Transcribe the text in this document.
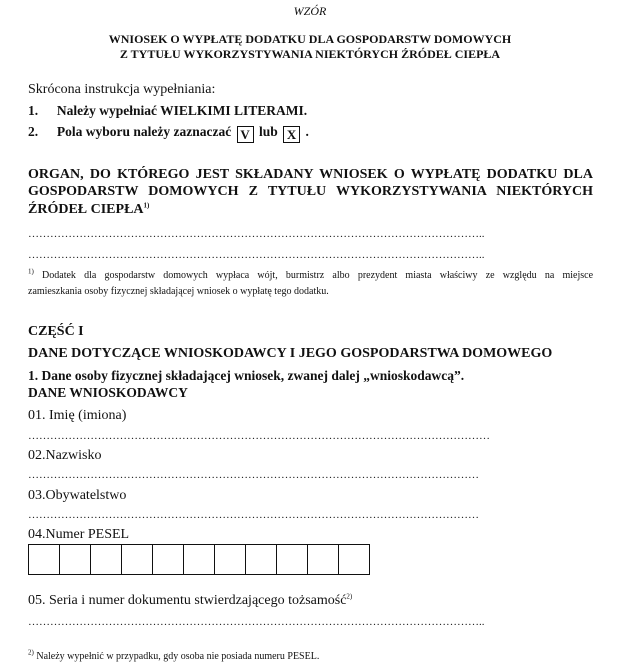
WZÓR
WNIOSEK O WYPŁATĘ DODATKU DLA GOSPODARSTW DOMOWYCH
Z TYTUŁU WYKORZYSTYWANIA NIEKTÓRYCH ŹRÓDEŁ CIEPŁA
Skrócona instrukcja wypełniania:
1. Należy wypełniać WIELKIMI LITERAMI.
2. Pola wyboru należy zaznaczać V lub X .
ORGAN, DO KTÓREGO JEST SKŁADANY WNIOSEK O WYPŁATĘ DODATKU DLA
GOSPODARSTW DOMOWYCH Z TYTUŁU WYKORZYSTYWANIA NIEKTÓRYCH
ŹRÓDEŁ CIEPŁA$^{1)}$
……………………………………………………………………………………………………………..
……………………………………………………………………………………………………………..
$^{1)}$ Dodatek dla gospodarstw domowych wypłaca wójt, burmistrz albo prezydent miasta właściwy ze względu na miejsce
zamieszkania osoby fizycznej składającej wniosek o wypłatę tego dodatku.
CZĘŚĆ I
DANE DOTYCZĄCE WNIOSKODAWCY I JEGO GOSPODARSTWA DOMOWEGO
1. Dane osoby fizycznej składającej wniosek, zwanej dalej „wnioskodawcą”.
DANE WNIOSKODAWCY
01. Imię (imiona)
………………………………………………………………………………………………………………
02.Nazwisko
……………………………………………………………………………………………………………
03.Obywatelstwo
……………………………………………………………………………………………………………
04.Numer PESEL
05. Seria i numer dokumentu stwierdzającego tożsamość$^{2)}$
……………………………………………………………………………………………………………..
$^{2)}$ Należy wypełnić w przypadku, gdy osoba nie posiada numeru PESEL.
